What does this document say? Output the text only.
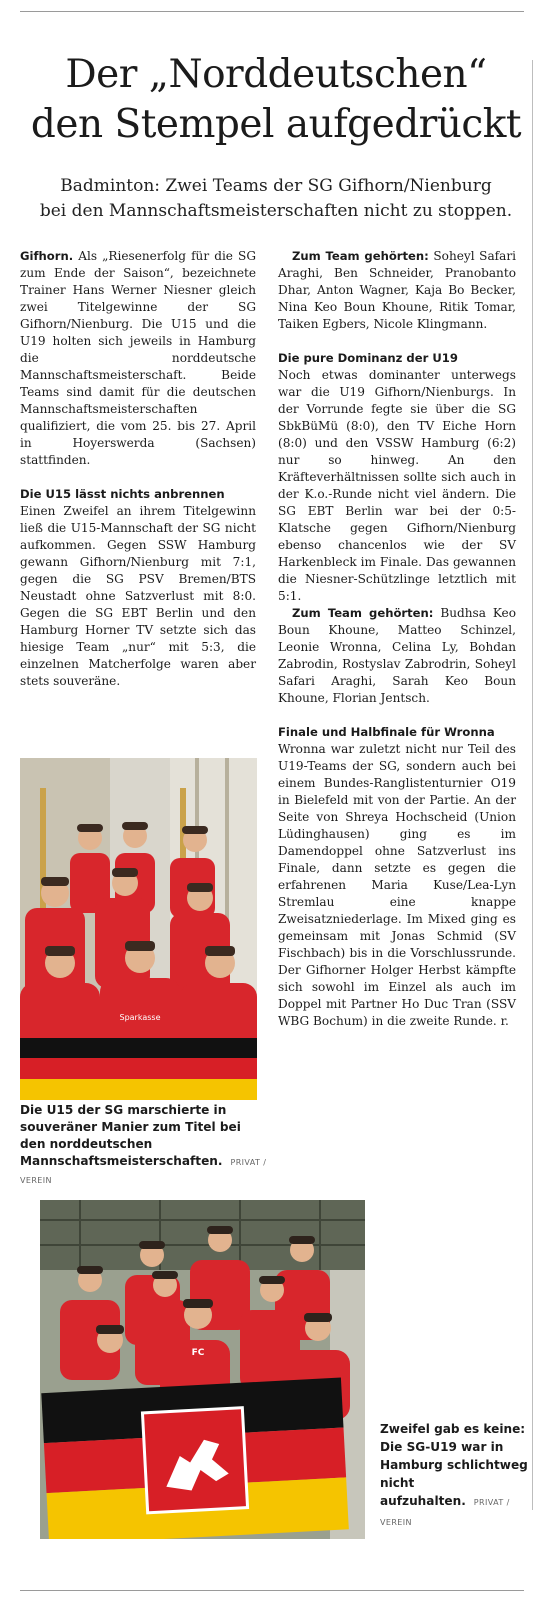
Der „Norddeutschen“
den Stempel aufgedrückt

Badminton: Zwei Teams der SG Gifhorn/Nienburg
bei den Mannschaftsmeisterschaften nicht zu stoppen.

Gifhorn. Als „Riesenerfolg für die SG zum Ende der Saison“, bezeichnete Trainer Hans Werner Niesner gleich zwei Titelgewinne der SG Gifhorn/Nienburg. Die U15 und die U19 holten sich jeweils in Hamburg die norddeutsche Mannschaftsmeisterschaft. Beide Teams sind damit für die deutschen Mannschaftsmeisterschaften qualifiziert, die vom 25. bis 27. April in Hoyerswerda (Sachsen) stattfinden.

Die U15 lässt nichts anbrennen
Einen Zweifel an ihrem Titelgewinn ließ die U15-Mannschaft der SG nicht aufkommen. Gegen SSW Hamburg gewann Gifhorn/Nienburg mit 7:1, gegen die SG PSV Bremen/BTS Neustadt ohne Satzverlust mit 8:0. Gegen die SG EBT Berlin und den Hamburg Horner TV setzte sich das hiesige Team „nur“ mit 5:3, die einzelnen Matcherfolge waren aber stets souveräne.

Sparkasse
Die U15 der SG marschierte in souveräner Manier zum Titel bei den norddeutschen Mannschaftsmeisterschaften. PRIVAT / VEREIN

Zum Team gehörten: Soheyl Safari Araghi, Ben Schneider, Pranobanto Dhar, Anton Wagner, Kaja Bo Becker, Nina Keo Boun Khoune, Ritik Tomar, Taiken Egbers, Nicole Klingmann.

Die pure Dominanz der U19
Noch etwas dominanter unterwegs war die U19 Gifhorn/Nienburgs. In der Vorrunde fegte sie über die SG SbkBüMü (8:0), den TV Eiche Horn (8:0) und den VSSW Hamburg (6:2) nur so hinweg. An den Kräfteverhältnissen sollte sich auch in der K.o.-Runde nicht viel ändern. Die SG EBT Berlin war bei der 0:5-Klatsche gegen Gifhorn/Nienburg ebenso chancenlos wie der SV Harkenbleck im Finale. Das gewannen die Niesner-Schützlinge letztlich mit 5:1.

Zum Team gehörten: Budhsa Keo Boun Khoune, Matteo Schinzel, Leonie Wronna, Celina Ly, Bohdan Zabrodin, Rostyslav Zabrodrin, Soheyl Safari Araghi, Sarah Keo Boun Khoune, Florian Jentsch.

Finale und Halbfinale für Wronna
Wronna war zuletzt nicht nur Teil des U19-Teams der SG, sondern auch bei einem Bundes-Ranglistenturnier O19 in Bielefeld mit von der Partie. An der Seite von Shreya Hochscheid (Union Lüdinghausen) ging es im Damendoppel ohne Satzverlust ins Finale, dann setzte es gegen die erfahrenen Maria Kuse/Lea-Lyn Stremlau eine knappe Zweisatzniederlage. Im Mixed ging es gemeinsam mit Jonas Schmid (SV Fischbach) bis in die Vorschlussrunde. Der Gifhorner Holger Herbst kämpfte sich sowohl im Einzel als auch im Doppel mit Partner Ho Duc Tran (SSV WBG Bochum) in die zweite Runde. r.

FC
Zweifel gab es keine: Die SG-U19 war in Hamburg schlichtweg nicht aufzuhalten. PRIVAT / VEREIN
